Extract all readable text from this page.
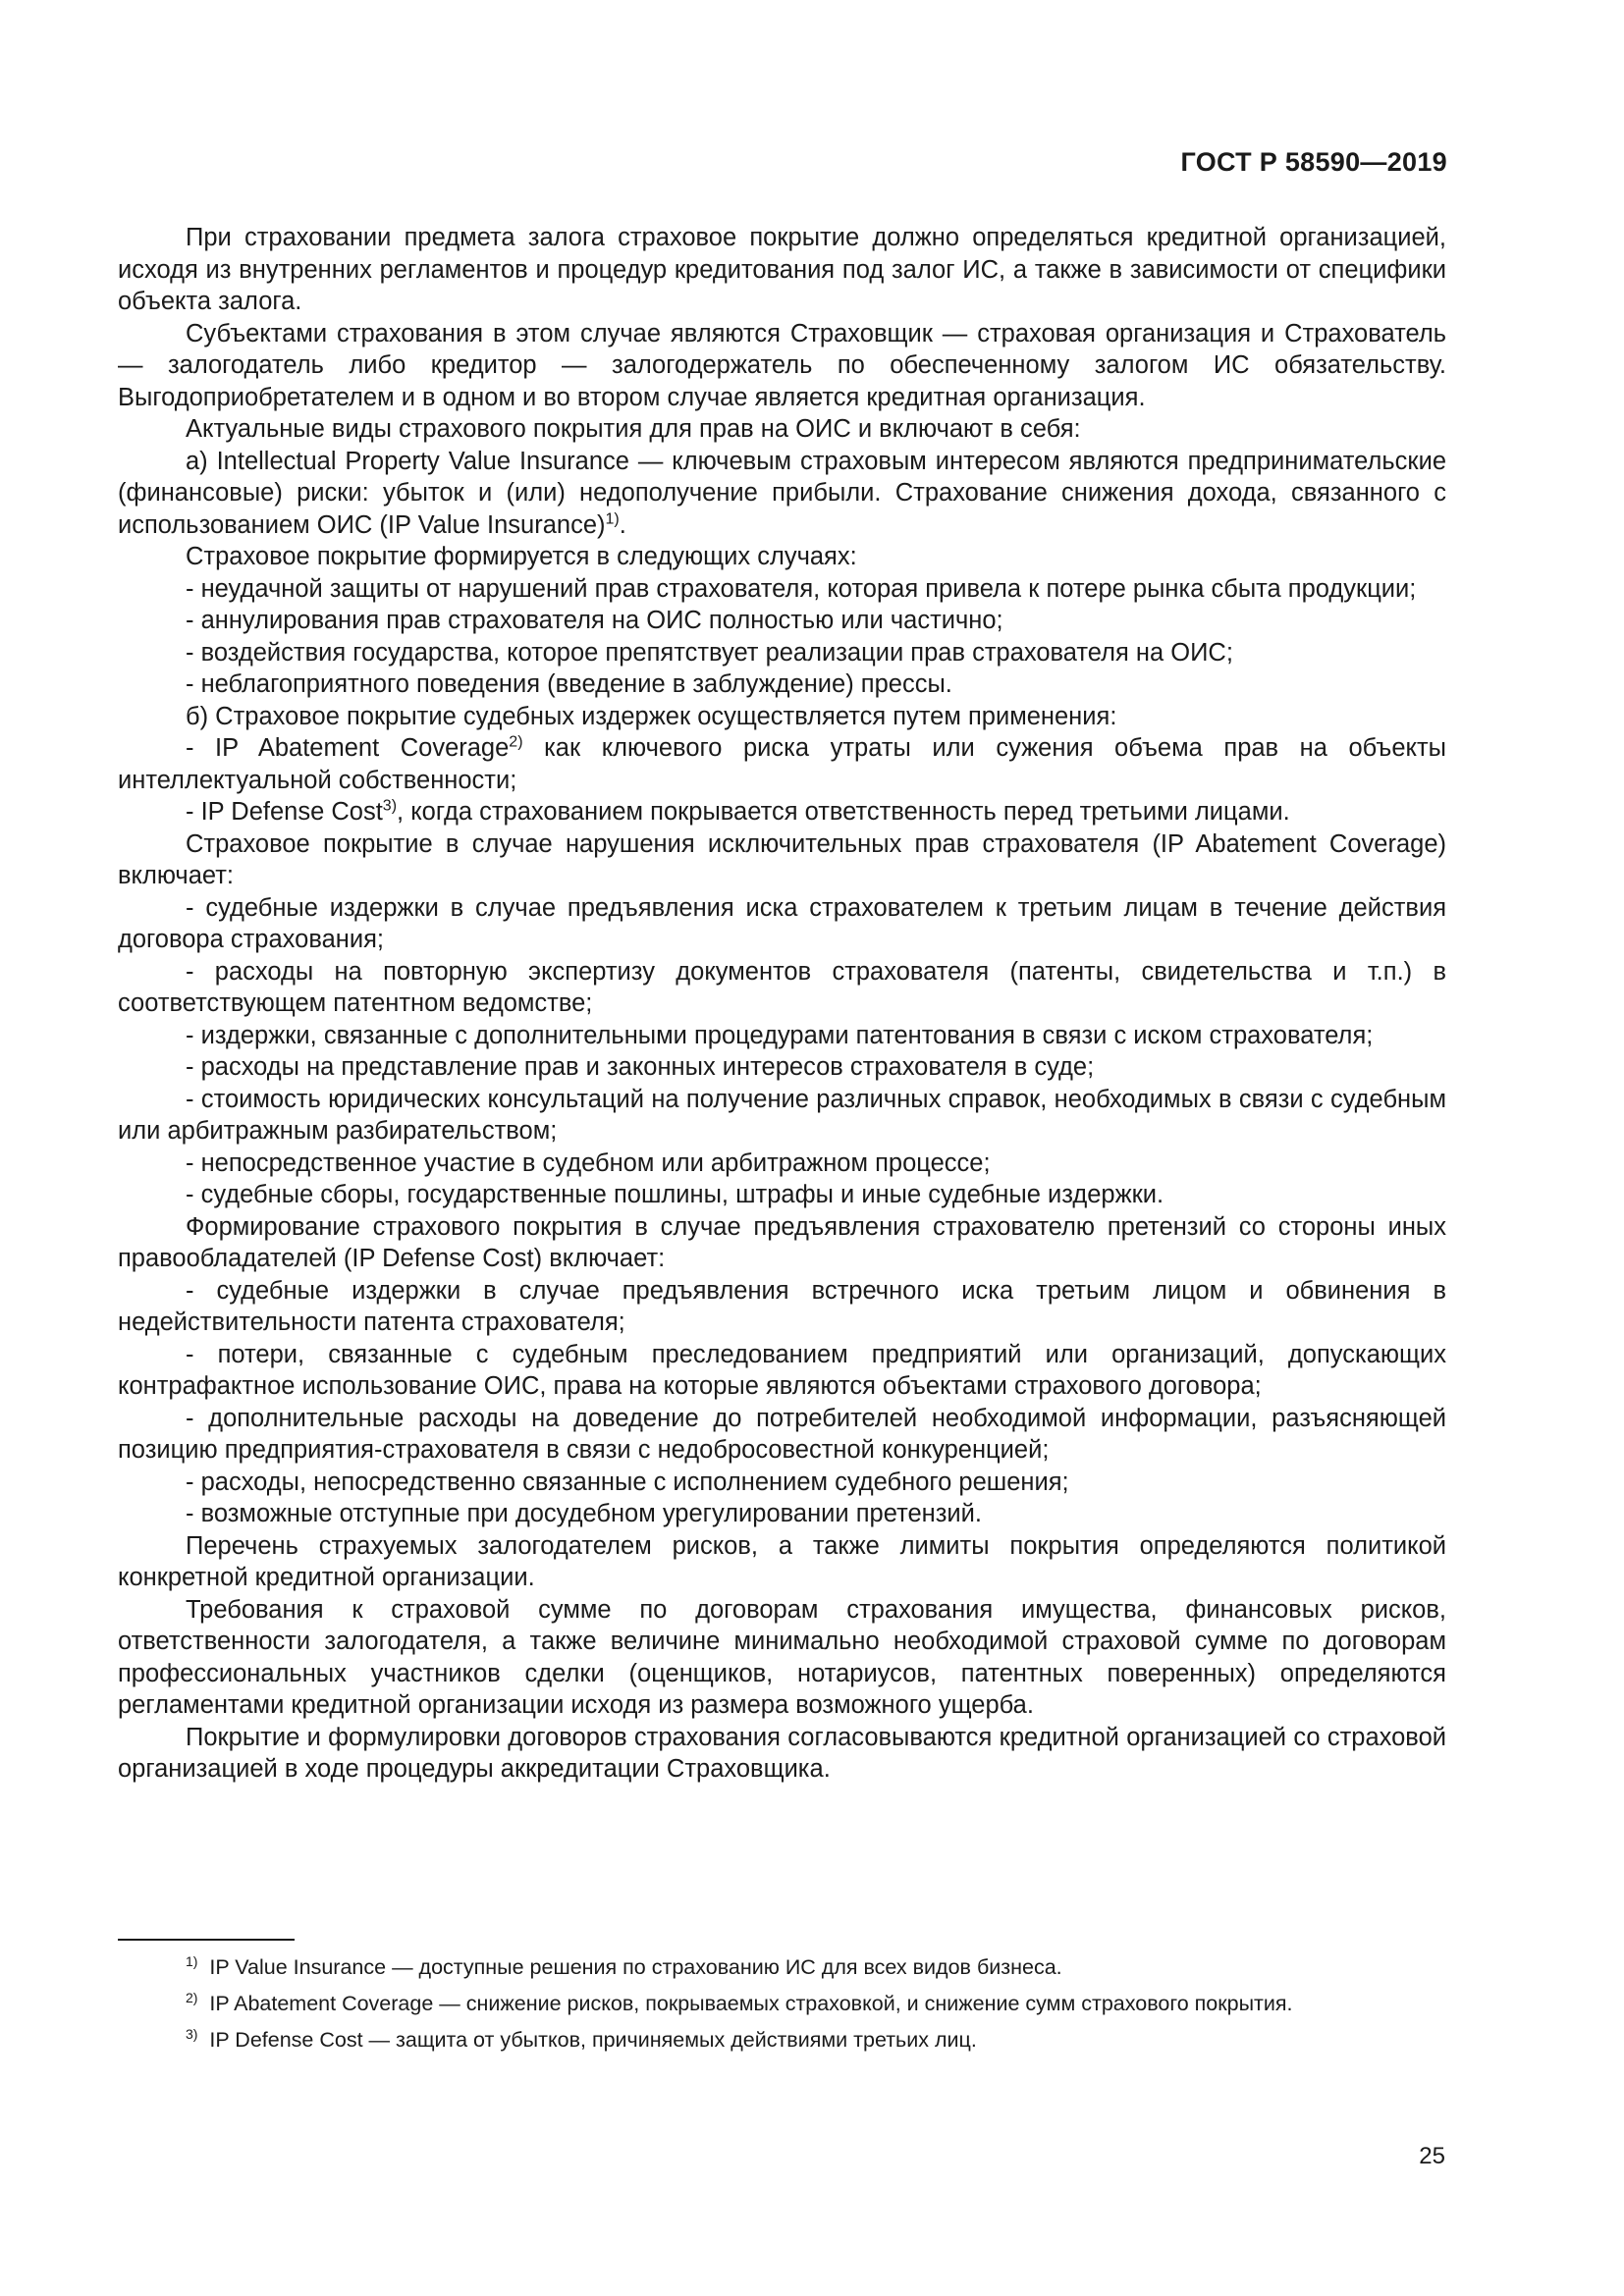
ГОСТ Р 58590—2019

При страховании предмета залога страховое покрытие должно определяться кредитной организацией, исходя из внутренних регламентов и процедур кредитования под залог ИС, а также в зависимости от специфики объекта залога.

Субъектами страхования в этом случае являются Страховщик — страховая организация и Страхователь — залогодатель либо кредитор — залогодержатель по обеспеченному залогом ИС обязательству. Выгодоприобретателем и в одном и во втором случае является кредитная организация.

Актуальные виды страхового покрытия для прав на ОИС и включают в себя:

а) Intellectual Property Value Insurance — ключевым страховым интересом являются предпринимательские (финансовые) риски: убыток и (или) недополучение прибыли. Страхование снижения дохода, связанного с использованием ОИС (IP Value Insurance)$^{1)}$.

Страховое покрытие формируется в следующих случаях:

- неудачной защиты от нарушений прав страхователя, которая привела к потере рынка сбыта продукции;

- аннулирования прав страхователя на ОИС полностью или частично;

- воздействия государства, которое препятствует реализации прав страхователя на ОИС;

- неблагоприятного поведения (введение в заблуждение) прессы.

б) Страховое покрытие судебных издержек осуществляется путем применения:

- IP Abatement Coverage$^{2)}$ как ключевого риска утраты или сужения объема прав на объекты интеллектуальной собственности;

- IP Defense Cost$^{3)}$, когда страхованием покрывается ответственность перед третьими лицами.

Страховое покрытие в случае нарушения исключительных прав страхователя (IP Abatement Coverage) включает:

- судебные издержки в случае предъявления иска страхователем к третьим лицам в течение действия договора страхования;

- расходы на повторную экспертизу документов страхователя (патенты, свидетельства и т.п.) в соответствующем патентном ведомстве;

- издержки, связанные с дополнительными процедурами патентования в связи с иском страхователя;

- расходы на представление прав и законных интересов страхователя в суде;

- стоимость юридических консультаций на получение различных справок, необходимых в связи с судебным или арбитражным разбирательством;

- непосредственное участие в судебном или арбитражном процессе;

- судебные сборы, государственные пошлины, штрафы и иные судебные издержки.

Формирование страхового покрытия в случае предъявления страхователю претензий со стороны иных правообладателей (IP Defense Cost) включает:

- судебные издержки в случае предъявления встречного иска третьим лицом и обвинения в недействительности патента страхователя;

- потери, связанные с судебным преследованием предприятий или организаций, допускающих контрафактное использование ОИС, права на которые являются объектами страхового договора;

- дополнительные расходы на доведение до потребителей необходимой информации, разъясняющей позицию предприятия-страхователя в связи с недобросовестной конкуренцией;

- расходы, непосредственно связанные с исполнением судебного решения;

- возможные отступные при досудебном урегулировании претензий.

Перечень страхуемых залогодателем рисков, а также лимиты покрытия определяются политикой конкретной кредитной организации.

Требования к страховой сумме по договорам страхования имущества, финансовых рисков, ответственности залогодателя, а также величине минимально необходимой страховой сумме по договорам профессиональных участников сделки (оценщиков, нотариусов, патентных поверенных) определяются регламентами кредитной организации исходя из размера возможного ущерба.

Покрытие и формулировки договоров страхования согласовываются кредитной организацией со страховой организацией в ходе процедуры аккредитации Страховщика.

$^{1)}$ IP Value Insurance — доступные решения по страхованию ИС для всех видов бизнеса.

$^{2)}$ IP Abatement Coverage — снижение рисков, покрываемых страховкой, и снижение сумм страхового покрытия.

$^{3)}$ IP Defense Cost — защита от убытков, причиняемых действиями третьих лиц.

25
